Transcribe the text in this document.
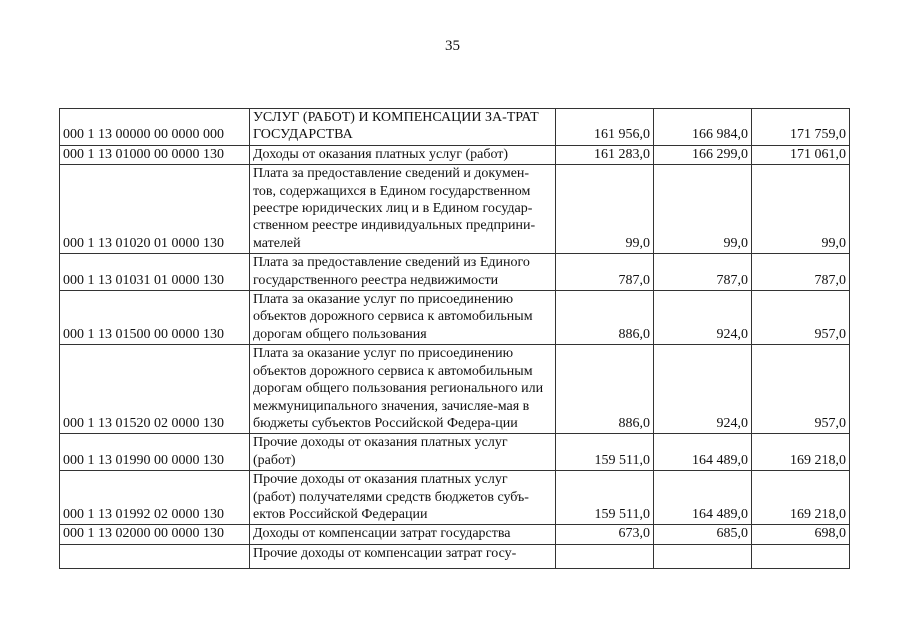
35
000 1 13 00000 00 0000 000	УСЛУГ (РАБОТ) И КОМПЕНСАЦИИ ЗА-ТРАТ ГОСУДАРСТВА	161 956,0	166 984,0	171 759,0
000 1 13 01000 00 0000 130	Доходы от оказания платных услуг (работ)	161 283,0	166 299,0	171 061,0
000 1 13 01020 01 0000 130	Плата за предоставление сведений и докумен-тов, содержащихся в Едином государственном реестре юридических лиц и в Едином государ-ственном реестре индивидуальных предприни-мателей	99,0	99,0	99,0
000 1 13 01031 01 0000 130	Плата за предоставление сведений из Единого государственного реестра недвижимости	787,0	787,0	787,0
000 1 13 01500 00 0000 130	Плата за оказание услуг по присоединению объектов дорожного сервиса к автомобильным дорогам общего пользования	886,0	924,0	957,0
000 1 13 01520 02 0000 130	Плата за оказание услуг по присоединению объектов дорожного сервиса к автомобильным дорогам общего пользования регионального или межмуниципального значения, зачисляе-мая в бюджеты субъектов Российской Федера-ции	886,0	924,0	957,0
000 1 13 01990 00 0000 130	Прочие доходы от оказания платных услуг (работ)	159 511,0	164 489,0	169 218,0
000 1 13 01992 02 0000 130	Прочие доходы от оказания платных услуг (работ) получателями средств бюджетов субъ-ектов Российской Федерации	159 511,0	164 489,0	169 218,0
000 1 13 02000 00 0000 130	Доходы от компенсации затрат государства	673,0	685,0	698,0
	Прочие доходы от компенсации затрат госу-			
